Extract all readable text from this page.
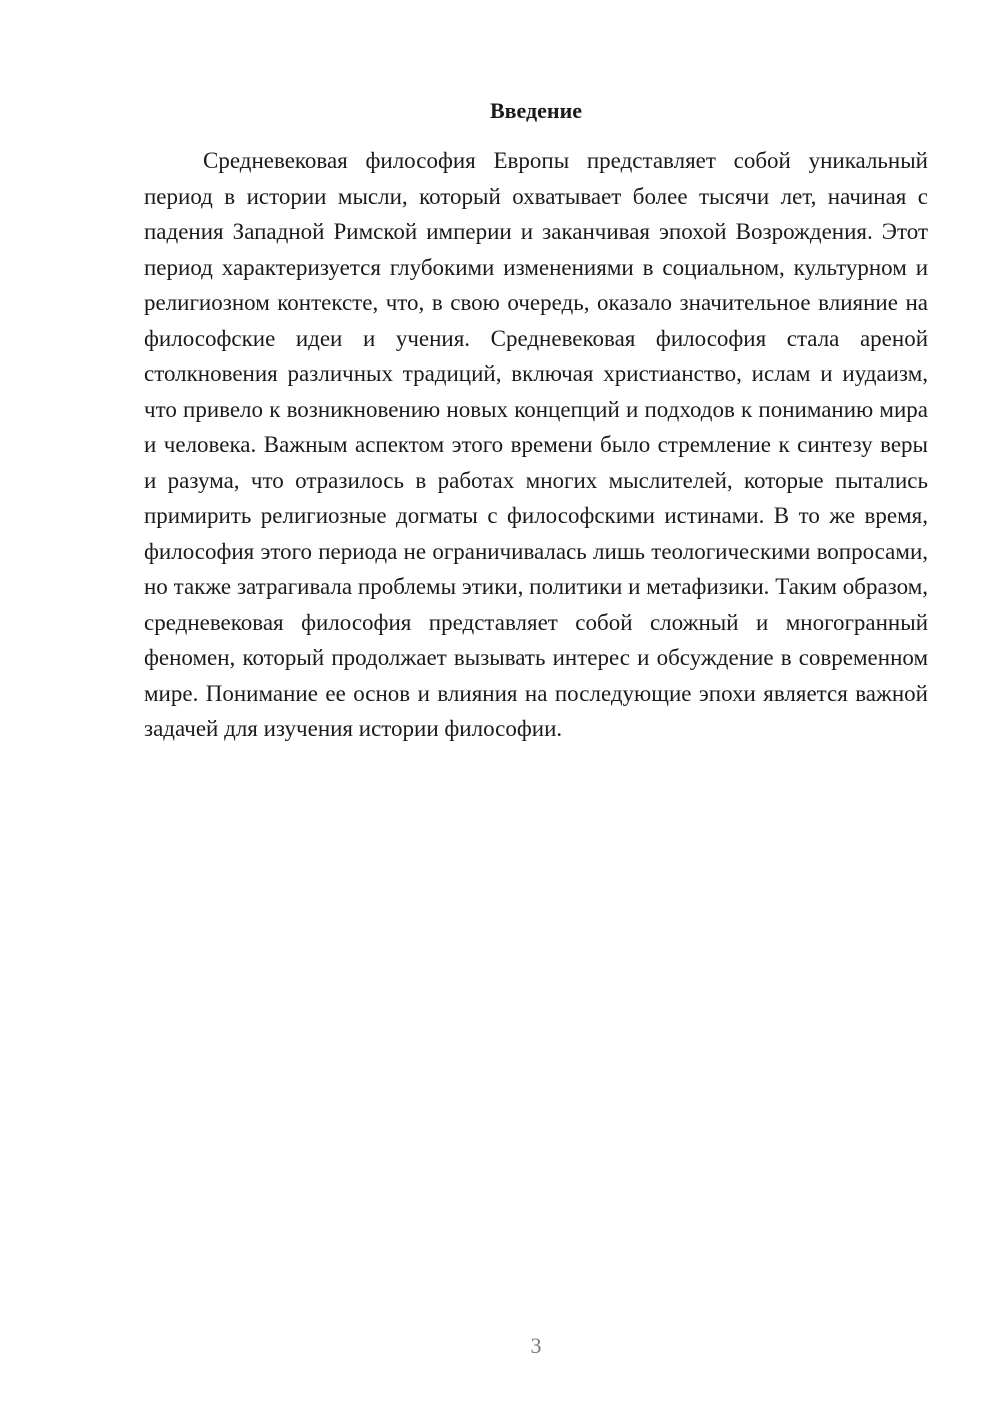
Введение

Средневековая философия Европы представляет собой уникальный период в истории мысли, который охватывает более тысячи лет, начиная с падения Западной Римской империи и заканчивая эпохой Возрождения. Этот период характеризуется глубокими изменениями в социальном, культурном и религиозном контексте, что, в свою очередь, оказало значительное влияние на философские идеи и учения. Средневековая философия стала ареной столкновения различных традиций, включая христианство, ислам и иудаизм, что привело к возникновению новых концепций и подходов к пониманию мира и человека. Важным аспектом этого времени было стремление к синтезу веры и разума, что отразилось в работах многих мыслителей, которые пытались примирить религиозные догматы с философскими истинами. В то же время, философия этого периода не ограничивалась лишь теологическими вопросами, но также затрагивала проблемы этики, политики и метафизики. Таким образом, средневековая философия представляет собой сложный и многогранный феномен, который продолжает вызывать интерес и обсуждение в современном мире. Понимание ее основ и влияния на последующие эпохи является важной задачей для изучения истории философии.

3
